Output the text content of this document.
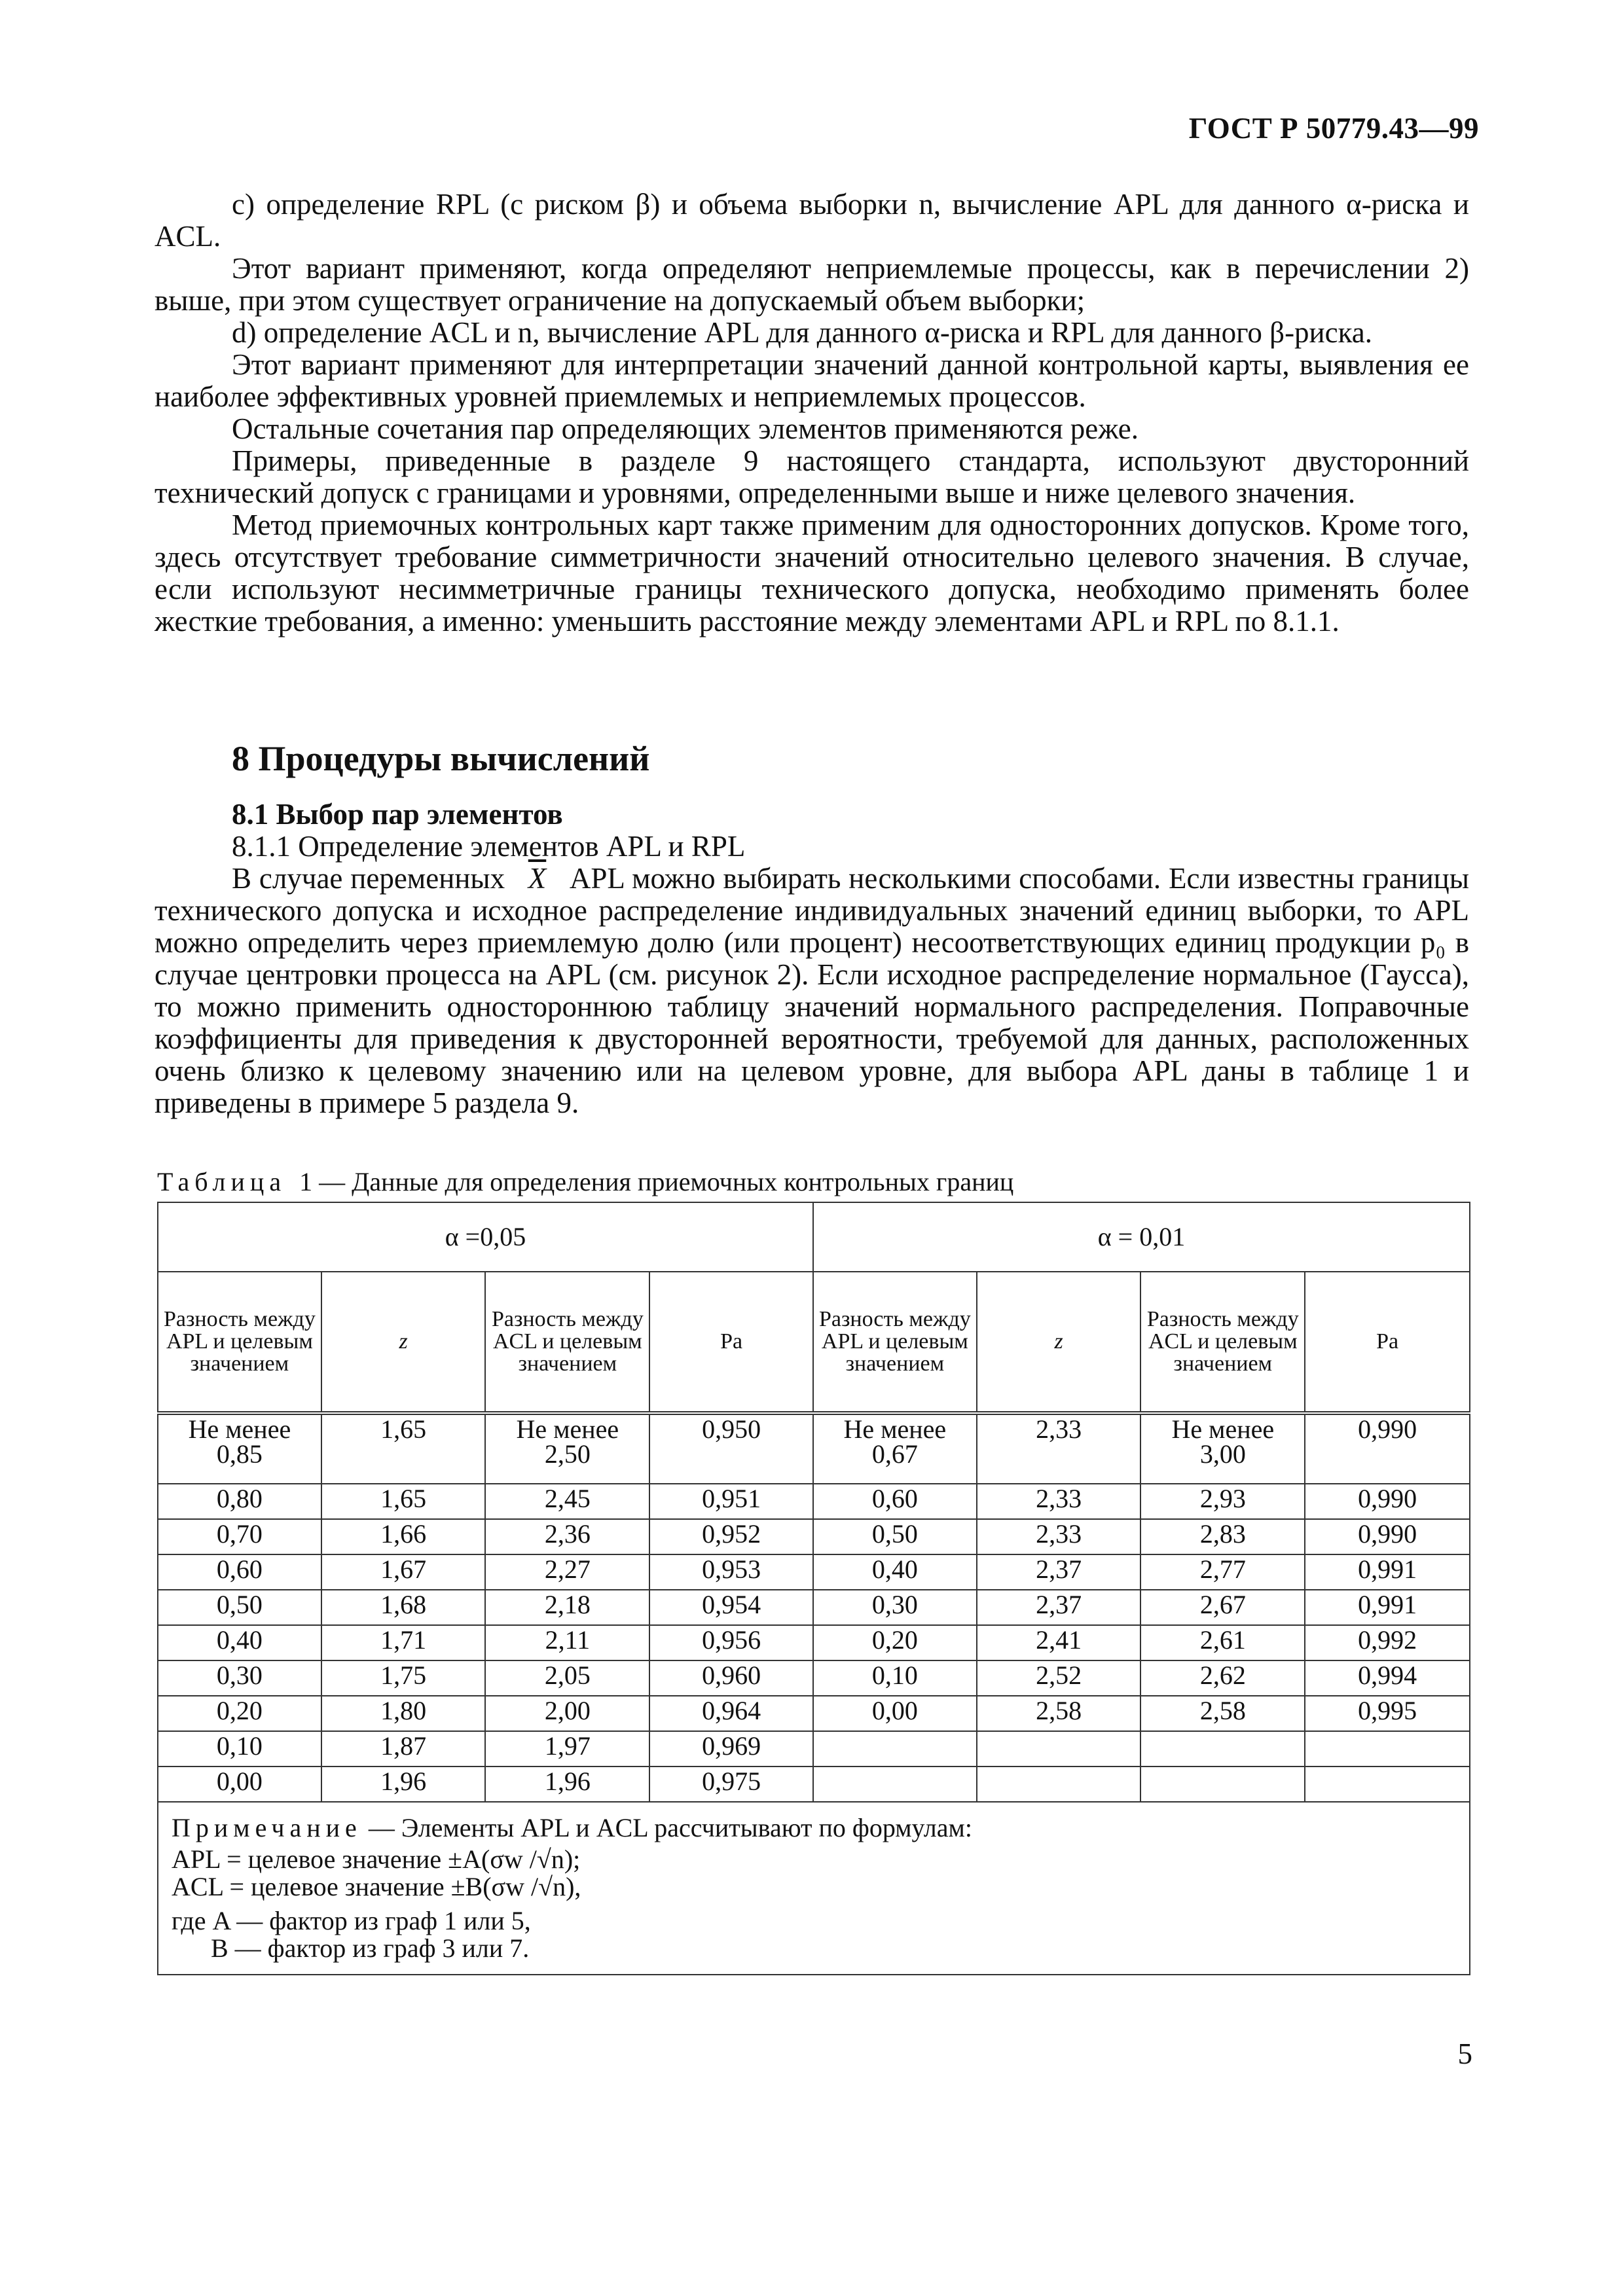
ГОСТ Р 50779.43—99

c) определение RPL (с риском β) и объема выборки n, вычисление APL для данного α-риска и ACL.

Этот вариант применяют, когда определяют неприемлемые процессы, как в перечислении 2) выше, при этом существует ограничение на допускаемый объем выборки;

d) определение ACL и n, вычисление APL для данного α-риска и RPL для данного β-риска.

Этот вариант применяют для интерпретации значений данной контрольной карты, выявления ее наиболее эффективных уровней приемлемых и неприемлемых процессов.

Остальные сочетания пар определяющих элементов применяются реже.

Примеры, приведенные в разделе 9 настоящего стандарта, используют двусторонний технический допуск с границами и уровнями, определенными выше и ниже целевого значения.

Метод приемочных контрольных карт также применим для односторонних допусков. Кроме того, здесь отсутствует требование симметричности значений относительно целевого значения. В случае, если используют несимметричные границы технического допуска, необходимо применять более жесткие требования, а именно: уменьшить расстояние между элементами APL и RPL по 8.1.1.

8 Процедуры вычислений

8.1 Выбор пар элементов

8.1.1 Определение элементов APL и RPL

В случае переменных $\overline{X}$ APL можно выбирать несколькими способами. Если известны границы технического допуска и исходное распределение индивидуальных значений единиц выборки, то APL можно определить через приемлемую долю (или процент) несоответствующих единиц продукции p₀ в случае центровки процесса на APL (см. рисунок 2). Если исходное распределение нормальное (Гаусса), то можно применить одностороннюю таблицу значений нормального распределения. Поправочные коэффициенты для приведения к двусторонней вероятности, требуемой для данных, расположенных очень близко к целевому значению или на целевом уровне, для выбора APL даны в таблице 1 и приведены в примере 5 раздела 9.

Таблица 1 — Данные для определения приемочных контрольных границ
α =0,05				α = 0,01			
Разность между APL и целевым значением	z	Разность между ACL и целевым значением	Pa	Разность между APL и целевым значением	z	Разность между ACL и целевым значением	Pa
Не менее 0,85	1,65	Не менее 2,50	0,950	Не менее 0,67	2,33	Не менее 3,00	0,990
0,80	1,65	2,45	0,951	0,60	2,33	2,93	0,990
0,70	1,66	2,36	0,952	0,50	2,33	2,83	0,990
0,60	1,67	2,27	0,953	0,40	2,37	2,77	0,991
0,50	1,68	2,18	0,954	0,30	2,37	2,67	0,991
0,40	1,71	2,11	0,956	0,20	2,41	2,61	0,992
0,30	1,75	2,05	0,960	0,10	2,52	2,62	0,994
0,20	1,80	2,00	0,964	0,00	2,58	2,58	0,995
0,10	1,87	1,97	0,969				
0,00	1,96	1,96	0,975				

Примечание — Элементы APL и ACL рассчитывают по формулам:
APL = целевое значение ±A(σw /√n);
ACL = целевое значение ±B(σw /√n),
где A — фактор из граф 1 или 5,
B — фактор из граф 3 или 7.							
5
